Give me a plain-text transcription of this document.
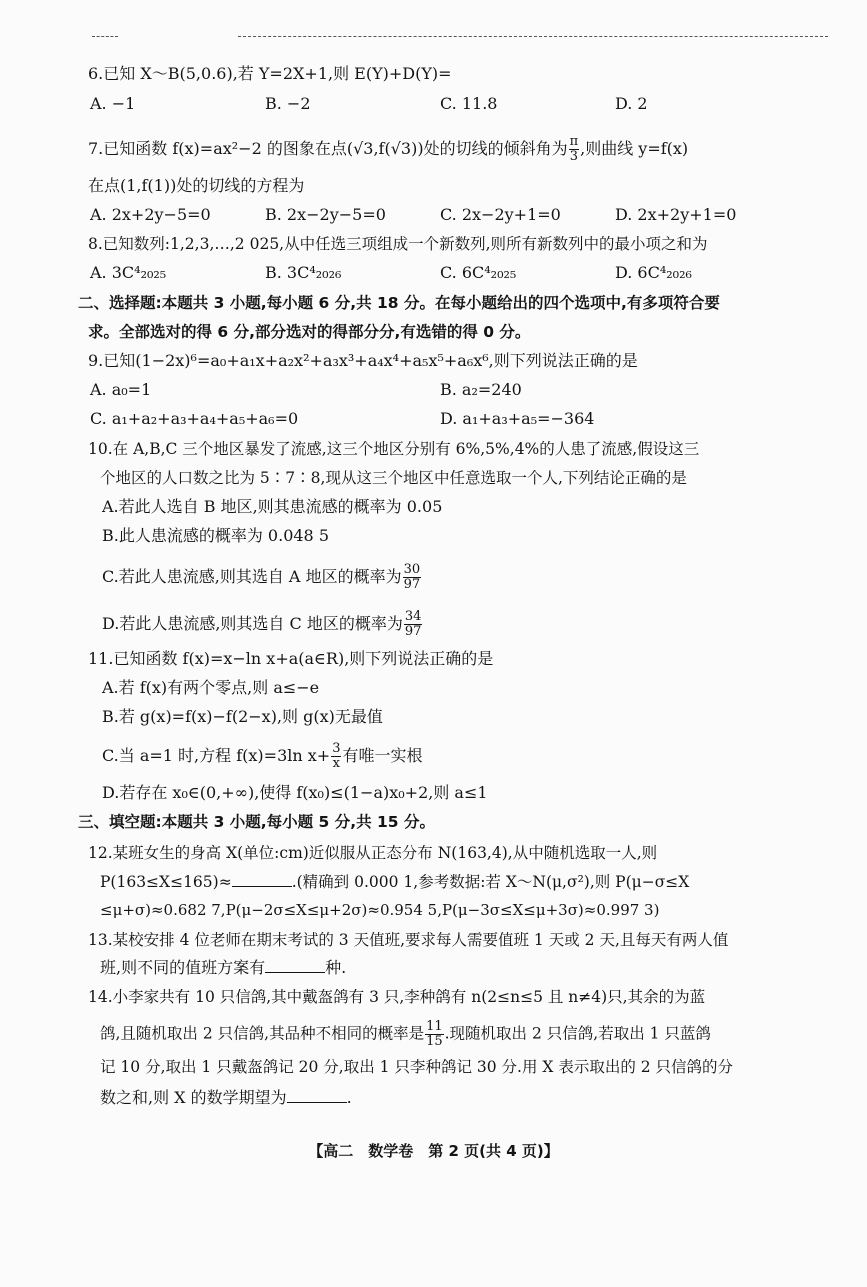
6.已知 X～B(5,0.6),若 Y=2X+1,则 E(Y)+D(Y)=
A. −1	B. −2	C. 11.8	D. 2
7.已知函数 f(x)=ax²−2 的图象在点(√3,f(√3))处的切线的倾斜角为 $\frac{\pi}{3}$ ,则曲线 y=f(x)
在点(1,f(1))处的切线的方程为
A. 2x+2y−5=0	B. 2x−2y−5=0	C. 2x−2y+1=0	D. 2x+2y+1=0
8.已知数列:1,2,3,…,2 025,从中任选三项组成一个新数列,则所有新数列中的最小项之和为
A. 3C⁴₂₀₂₅	B. 3C⁴₂₀₂₆	C. 6C⁴₂₀₂₅	D. 6C⁴₂₀₂₆
二、选择题:本题共 3 小题,每小题 6 分,共 18 分。在每小题给出的四个选项中,有多项符合要
求。全部选对的得 6 分,部分选对的得部分分,有选错的得 0 分。
9.已知(1−2x)⁶=a₀+a₁x+a₂x²+a₃x³+a₄x⁴+a₅x⁵+a₆x⁶,则下列说法正确的是
A. a₀=1	B. a₂=240
C. a₁+a₂+a₃+a₄+a₅+a₆=0	D. a₁+a₃+a₅=−364
10.在 A,B,C 三个地区暴发了流感,这三个地区分别有 6%,5%,4%的人患了流感,假设这三
个地区的人口数之比为 5∶7∶8,现从这三个地区中任意选取一个人,下列结论正确的是
A.若此人选自 B 地区,则其患流感的概率为 0.05
B.此人患流感的概率为 0.048 5
C.若此人患流感,则其选自 A 地区的概率为 $\frac{30}{97}$
D.若此人患流感,则其选自 C 地区的概率为 $\frac{34}{97}$
11.已知函数 f(x)=x−ln x+a(a∈R),则下列说法正确的是
A.若 f(x)有两个零点,则 a≤−e
B.若 g(x)=f(x)−f(2−x),则 g(x)无最值
C.当 a=1 时,方程 f(x)=3ln $x+ \frac{3}{x}$ 有唯一实根
D.若存在 x₀∈(0,+∞),使得 f(x₀)≤(1−a)x₀+2,则 a≤1
三、填空题:本题共 3 小题,每小题 5 分,共 15 分。
12.某班女生的身高 X(单位:cm)近似服从正态分布 N(163,4),从中随机选取一人,则
P(163≤X≤165)≈	.(精确到 0.000 1,参考数据:若 X～N(μ,σ²),则 P(μ−σ≤X
≤μ+σ)≈0.682 7,P(μ−2σ≤X≤μ+2σ)≈0.954 5,P(μ−3σ≤X≤μ+3σ)≈0.997 3)
13.某校安排 4 位老师在期末考试的 3 天值班,要求每人需要值班 1 天或 2 天,且每天有两人值
班,则不同的值班方案有	种.
14.小李家共有 10 只信鸽,其中戴盔鸽有 3 只,李种鸽有 n(2≤n≤5 且 n≠4)只,其余的为蓝
鸽,且随机取出 2 只信鸽,其品种不相同的概率是 $\frac{11}{15}$ .现随机取出 2 只信鸽,若取出 1 只蓝鸽
记 10 分,取出 1 只戴盔鸽记 20 分,取出 1 只李种鸽记 30 分.用 X 表示取出的 2 只信鸽的分
数之和,则 X 的数学期望为	.
【高二　数学卷　第 2 页(共 4 页)】
